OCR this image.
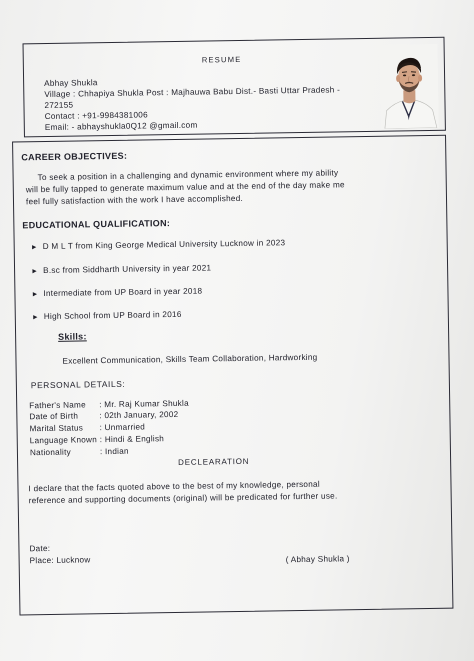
RESUME
Abhay Shukla
Village : Chhapiya Shukla Post : Majhauwa Babu Dist.- Basti Uttar Pradesh -
272155
Contact : +91-9984381006
Email: - abhayshukla0Q12 @gmail.com
CAREER OBJECTIVES:
To seek a position in a challenging and dynamic environment where my ability
will be fully tapped to generate maximum value and at the end of the day make me
feel fully satisfaction with the work I have accomplished.
EDUCATIONAL QUALIFICATION:
► D M L T from King George Medical University Lucknow in 2023
► B.sc from Siddharth University in year 2021
► Intermediate from UP Board in year 2018
► High School from UP Board in 2016
Skills:
Excellent Communication, Skills Team Collaboration, Hardworking
PERSONAL DETAILS:
Father's Name : Mr. Raj Kumar Shukla
Date of Birth	: 02th January, 2002
Marital Status : Unmarried
Language Known : Hindi & English
Nationality	: Indian
DECLEARATION
I declare that the facts quoted above to the best of my knowledge, personal
reference and supporting documents (original) will be predicated for further use.
Date:
Place: Lucknow	( Abhay Shukla )
